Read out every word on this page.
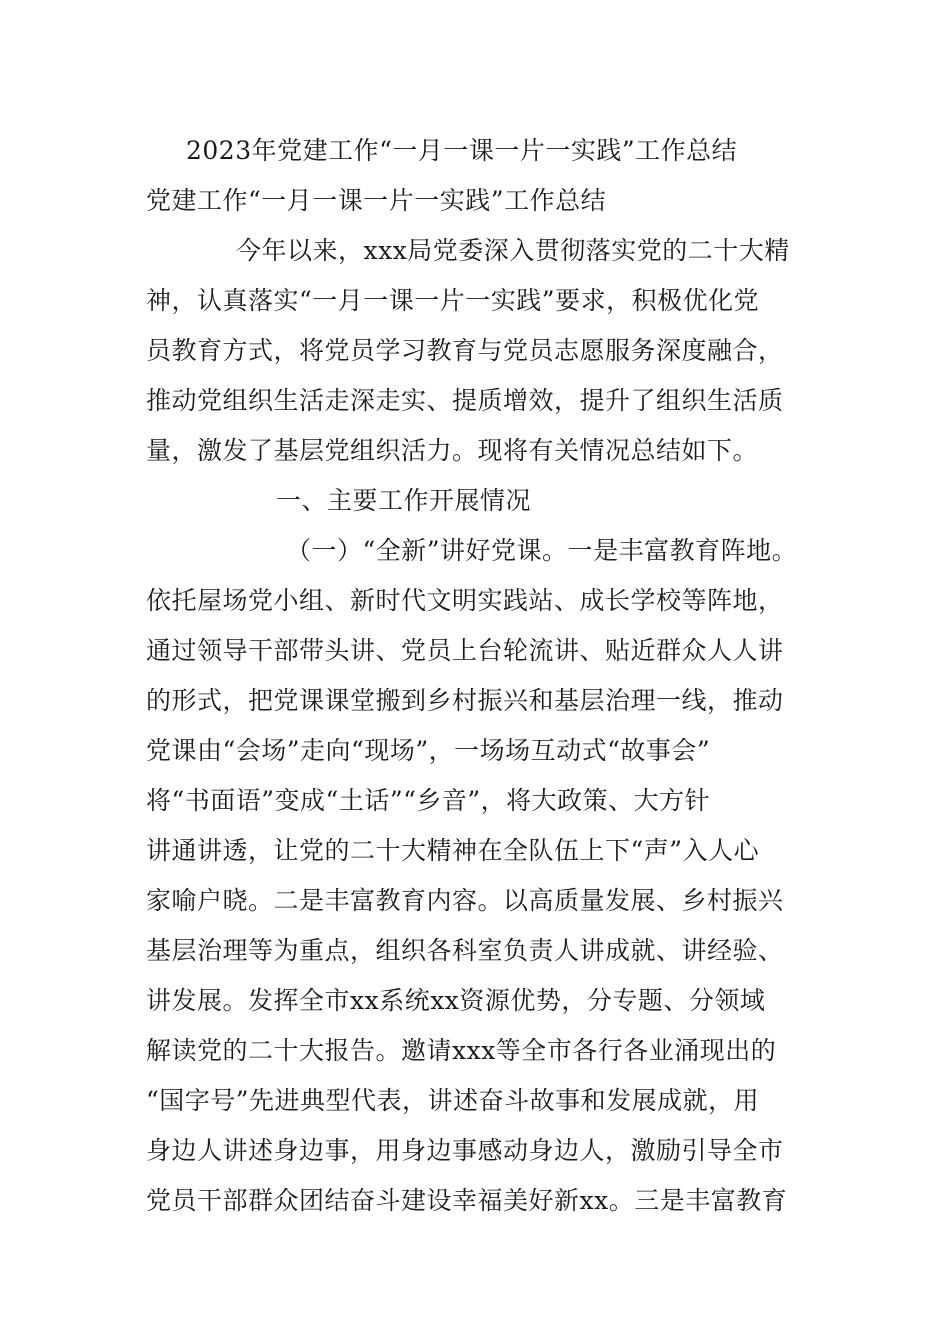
2023年党建工作“一月一课一片一实践”工作总结
党建工作“一月一课一片一实践”工作总结
今年以来，xxx局党委深入贯彻落实党的二十大精
神，认真落实“一月一课一片一实践”要求，积极优化党
员教育方式，将党员学习教育与党员志愿服务深度融合，
推动党组织生活走深走实、提质增效，提升了组织生活质
量，激发了基层党组织活力。现将有关情况总结如下。
一、主要工作开展情况
（一）“全新”讲好党课。一是丰富教育阵地。
依托屋场党小组、新时代文明实践站、成长学校等阵地，
通过领导干部带头讲、党员上台轮流讲、贴近群众人人讲
的形式，把党课课堂搬到乡村振兴和基层治理一线，推动
党课由“会场”走向“现场”，一场场互动式“故事会”
将“书面语”变成“土话”“乡音”，将大政策、大方针
讲通讲透，让党的二十大精神在全队伍上下“声”入人心
家喻户晓。二是丰富教育内容。以高质量发展、乡村振兴
基层治理等为重点，组织各科室负责人讲成就、讲经验、
讲发展。发挥全市xx系统xx资源优势，分专题、分领域
解读党的二十大报告。邀请xxx等全市各行各业涌现出的
“国字号”先进典型代表，讲述奋斗故事和发展成就，用
身边人讲述身边事，用身边事感动身边人，激励引导全市
党员干部群众团结奋斗建设幸福美好新xx。三是丰富教育
